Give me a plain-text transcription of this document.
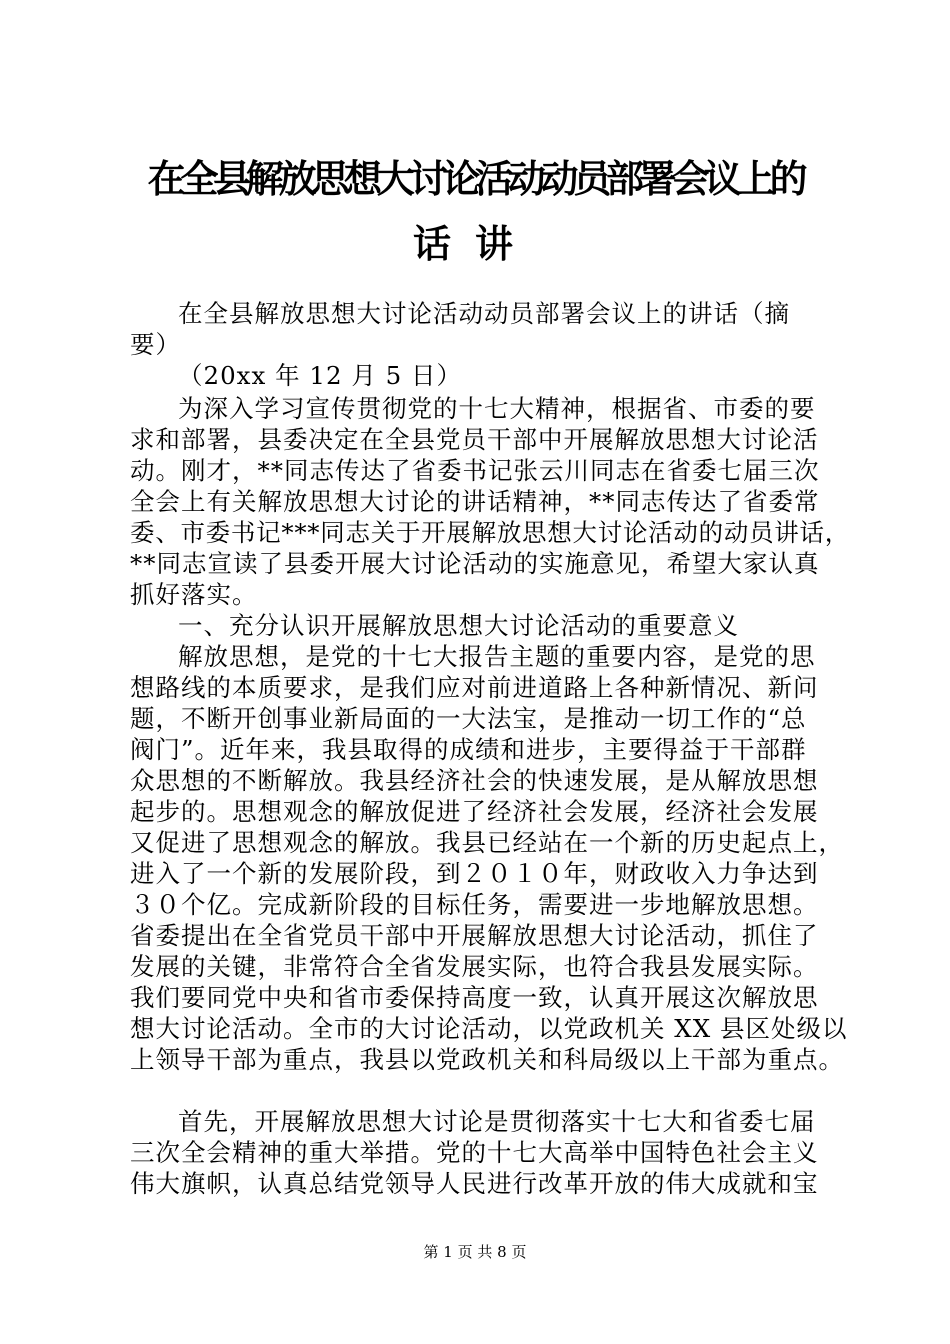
在全县解放思想大讨论活动动员部署会议上的
在全县解放思想大讨论活动动员部署会议上的讲话（摘
要）
（20xx 年 12 月 5 日）
为深入学习宣传贯彻党的十七大精神，根据省、市委的要
求和部署，县委决定在全县党员干部中开展解放思想大讨论活
动。刚才，**同志传达了省委书记张云川同志在省委七届三次
全会上有关解放思想大讨论的讲话精神，**同志传达了省委常
委、市委书记***同志关于开展解放思想大讨论活动的动员讲话，
**同志宣读了县委开展大讨论活动的实施意见，希望大家认真
抓好落实。
一、充分认识开展解放思想大讨论活动的重要意义
解放思想，是党的十七大报告主题的重要内容，是党的思
想路线的本质要求，是我们应对前进道路上各种新情况、新问
题，不断开创事业新局面的一大法宝，是推动一切工作的“总
阀门”。近年来，我县取得的成绩和进步，主要得益于干部群
众思想的不断解放。我县经济社会的快速发展，是从解放思想
起步的。思想观念的解放促进了经济社会发展，经济社会发展
又促进了思想观念的解放。我县已经站在一个新的历史起点上，
进入了一个新的发展阶段，到２０１０年，财政收入力争达到
３０个亿。完成新阶段的目标任务，需要进一步地解放思想。
省委提出在全省党员干部中开展解放思想大讨论活动，抓住了
发展的关键，非常符合全省发展实际，也符合我县发展实际。
我们要同党中央和省市委保持高度一致，认真开展这次解放思
想大讨论活动。全市的大讨论活动，以党政机关 XX 县区处级以
上领导干部为重点，我县以党政机关和科局级以上干部为重点。
首先，开展解放思想大讨论是贯彻落实十七大和省委七届
三次全会精神的重大举措。党的十七大高举中国特色社会主义
伟大旗帜，认真总结党领导人民进行改革开放的伟大成就和宝
第 1 页 共 8 页
